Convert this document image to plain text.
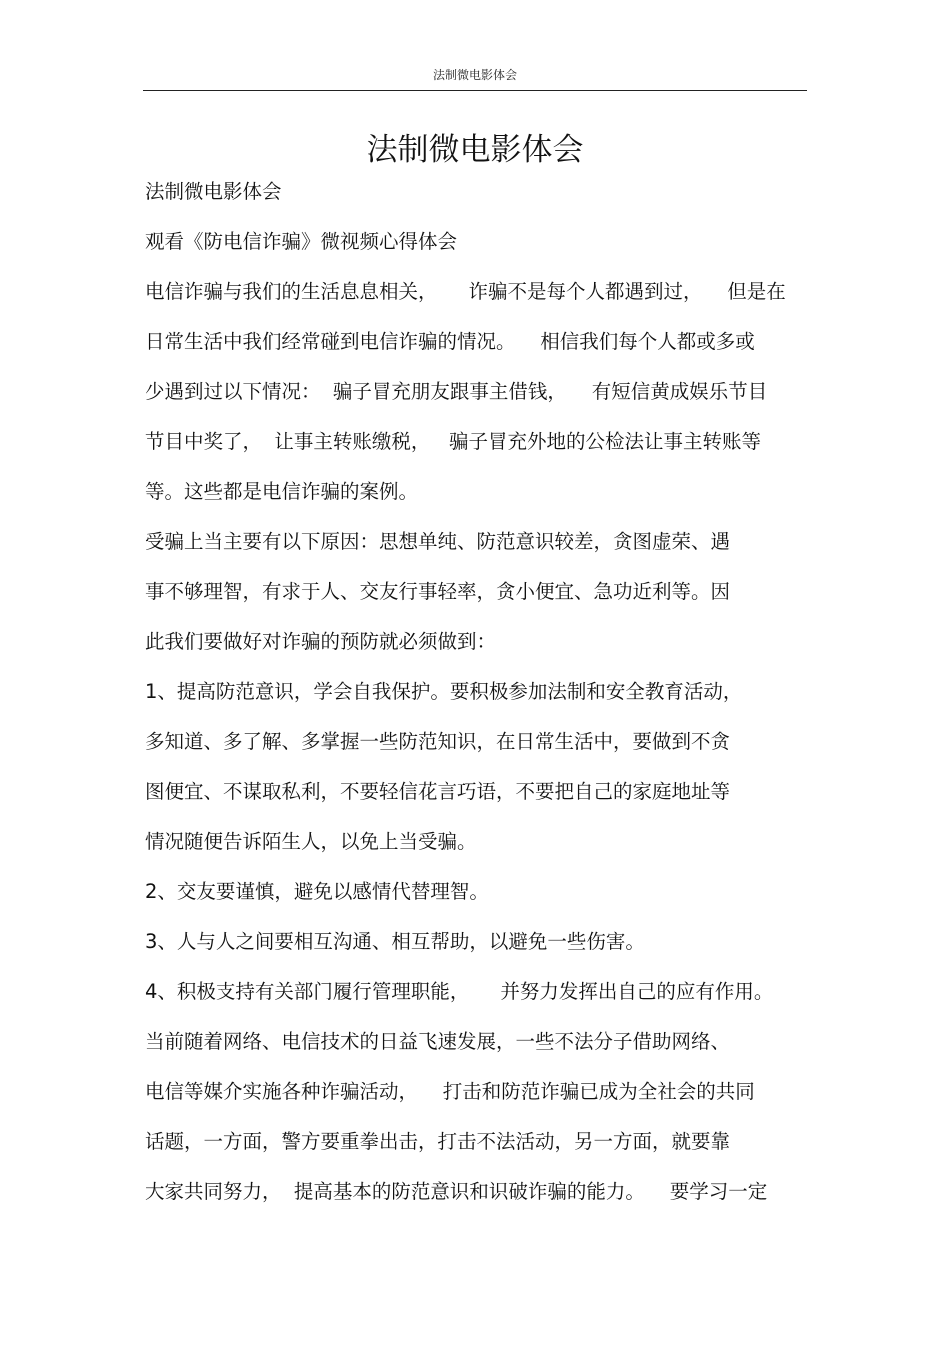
法制微电影体会
法制微电影体会
法制微电影体会
观看《防电信诈骗》微视频心得体会
电信诈骗与我们的生活息息相关，     诈骗不是每个人都遇到过，    但是在
日常生活中我们经常碰到电信诈骗的情况。    相信我们每个人都或多或
少遇到过以下情况：  骗子冒充朋友跟事主借钱，    有短信黄成娱乐节目
节目中奖了，  让事主转账缴税，   骗子冒充外地的公检法让事主转账等
等。这些都是电信诈骗的案例。
受骗上当主要有以下原因：思想单纯、防范意识较差，贪图虚荣、遇
事不够理智，有求于人、交友行事轻率，贪小便宜、急功近利等。因
此我们要做好对诈骗的预防就必须做到：
1、提高防范意识，学会自我保护。要积极参加法制和安全教育活动，
多知道、多了解、多掌握一些防范知识，在日常生活中，要做到不贪
图便宜、不谋取私利，不要轻信花言巧语，不要把自己的家庭地址等
情况随便告诉陌生人，以免上当受骗。
2、交友要谨慎，避免以感情代替理智。
3、人与人之间要相互沟通、相互帮助，以避免一些伤害。
4、积极支持有关部门履行管理职能，     并努力发挥出自己的应有作用。
当前随着网络、电信技术的日益飞速发展，一些不法分子借助网络、
电信等媒介实施各种诈骗活动，    打击和防范诈骗已成为全社会的共同
话题，一方面，警方要重拳出击，打击不法活动，另一方面，就要靠
大家共同努力，  提高基本的防范意识和识破诈骗的能力。    要学习一定
